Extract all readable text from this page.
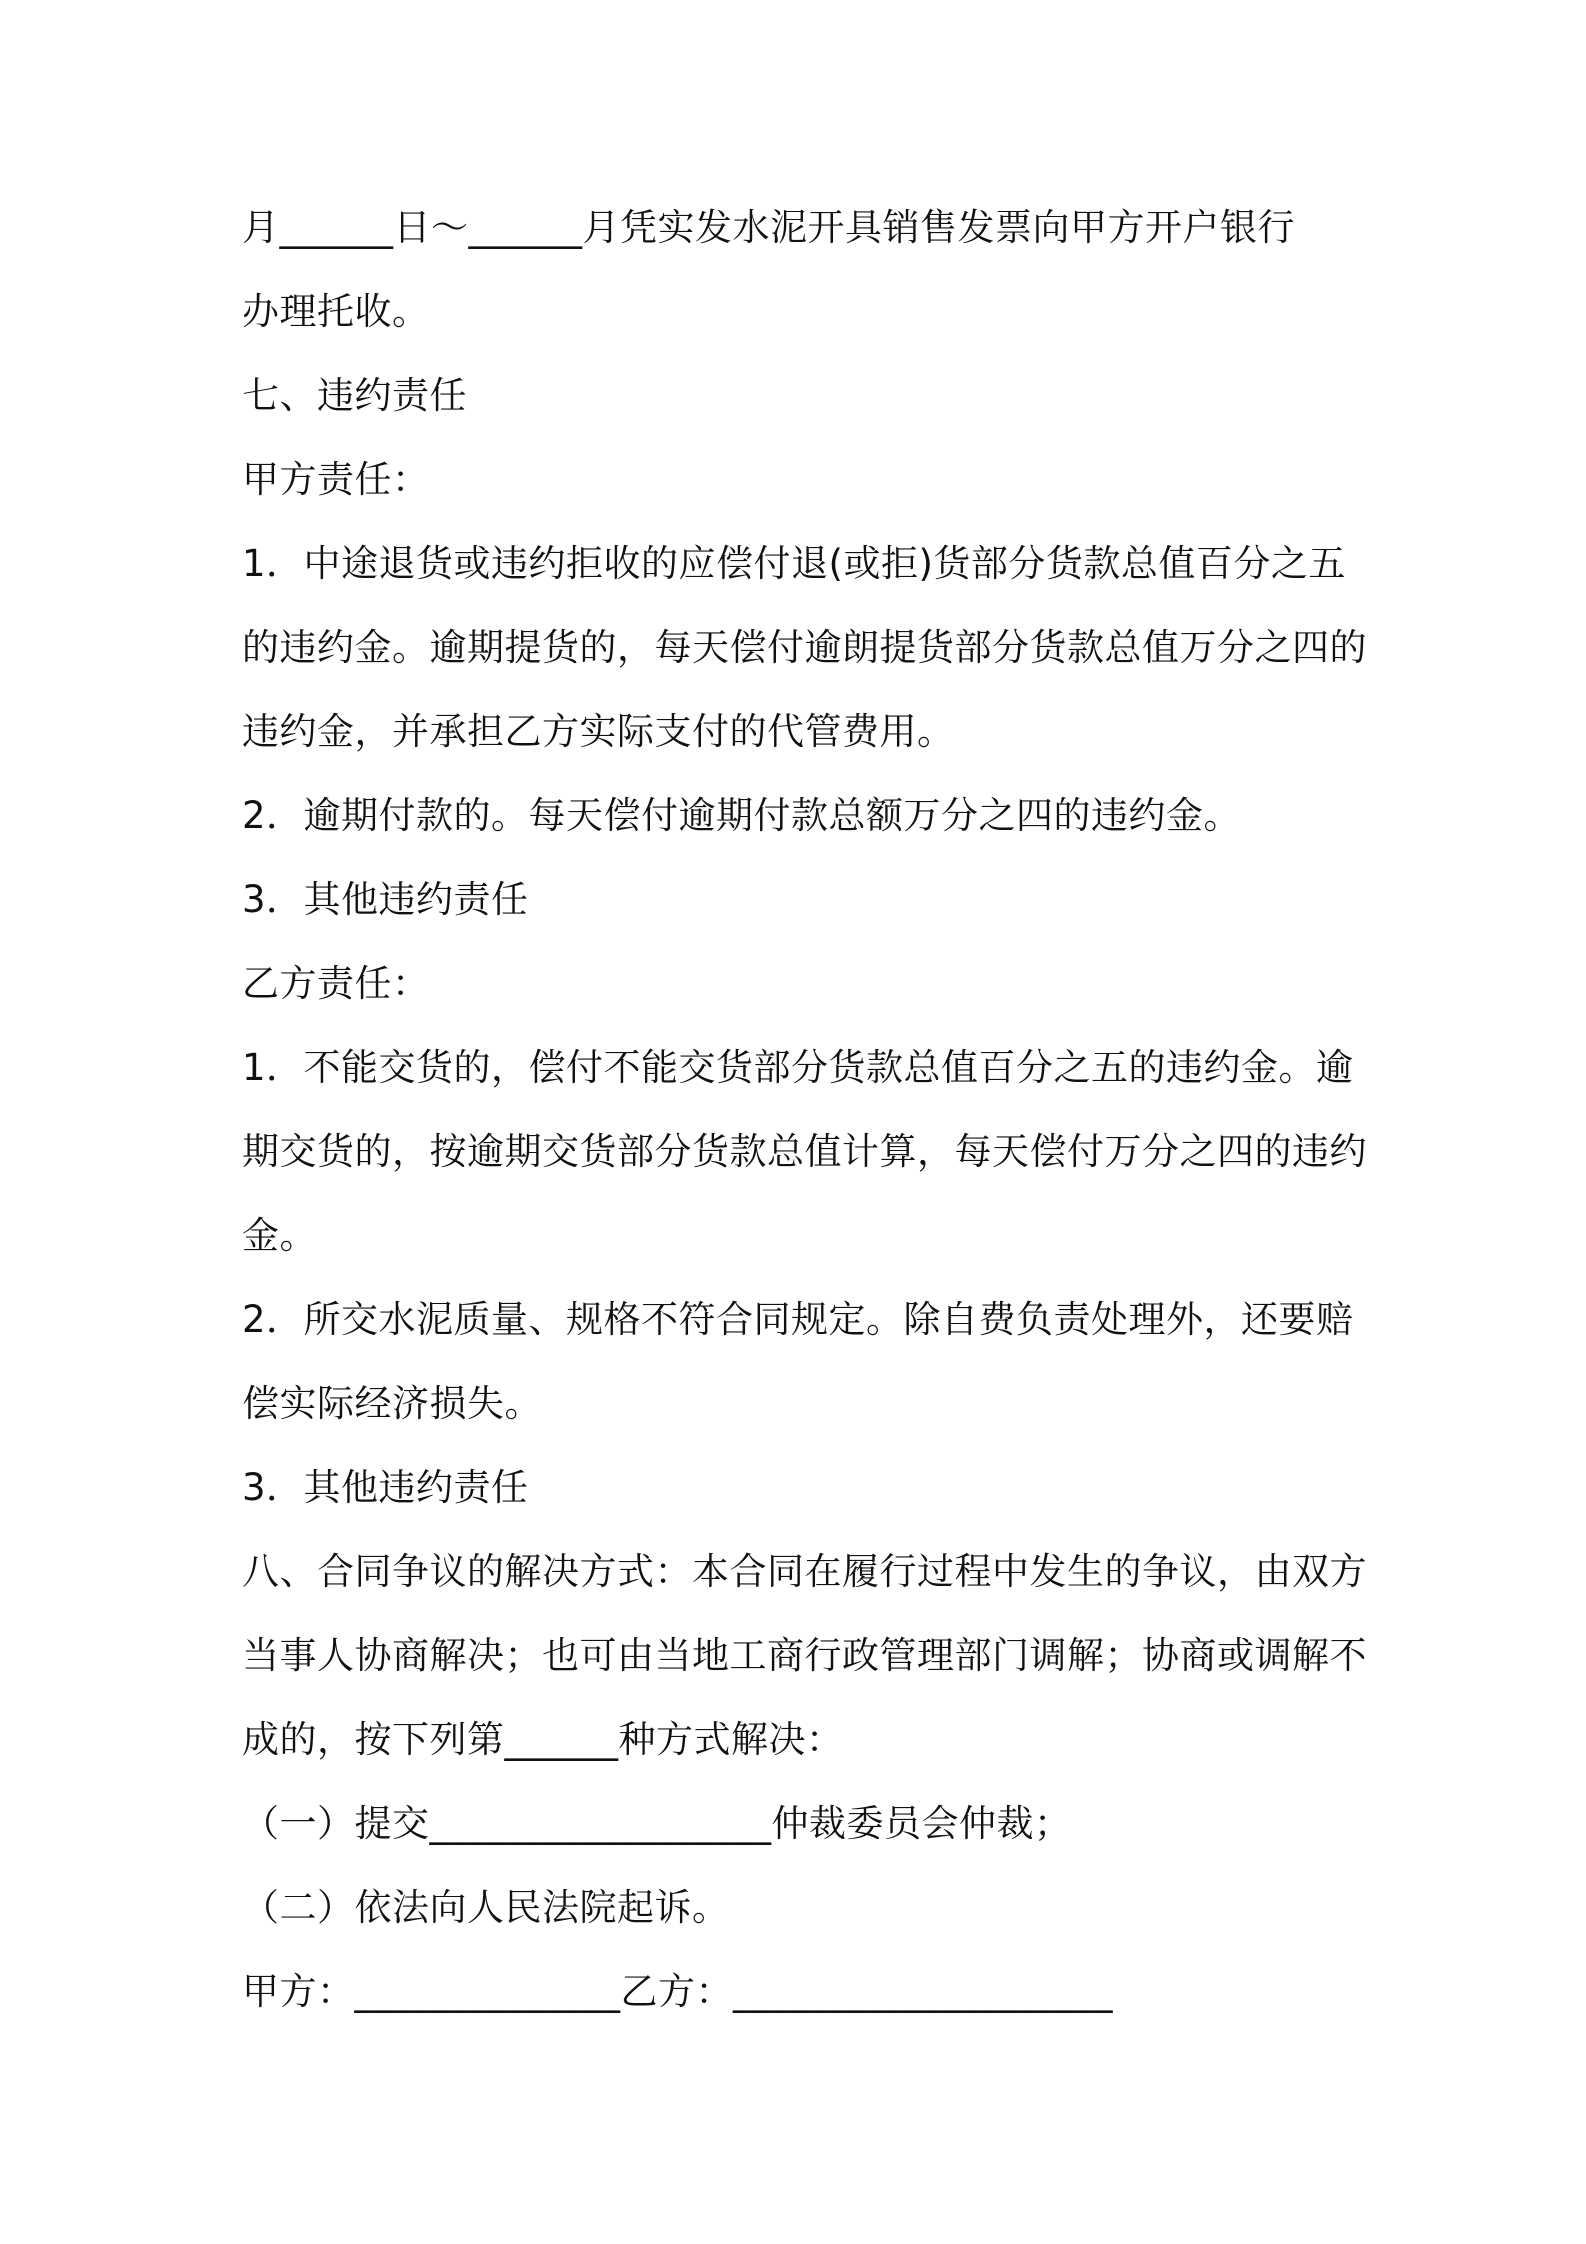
月______日～______月凭实发水泥开具销售发票向甲方开户银行
办理托收。
七、违约责任
甲方责任：
1．中途退货或违约拒收的应偿付退(或拒)货部分货款总值百分之五
的违约金。逾期提货的，每天偿付逾朗提货部分货款总值万分之四的
违约金，并承担乙方实际支付的代管费用。
2．逾期付款的。每天偿付逾期付款总额万分之四的违约金。
3．其他违约责任
乙方责任：
1．不能交货的，偿付不能交货部分货款总值百分之五的违约金。逾
期交货的，按逾期交货部分货款总值计算，每天偿付万分之四的违约
金。
2．所交水泥质量、规格不符合同规定。除自费负责处理外，还要赔
偿实际经济损失。
3．其他违约责任
八、合同争议的解决方式：本合同在履行过程中发生的争议，由双方
当事人协商解决；也可由当地工商行政管理部门调解；协商或调解不
成的，按下列第______种方式解决：
（一）提交__________________仲裁委员会仲裁；
（二）依法向人民法院起诉。
甲方：______________乙方：____________________
